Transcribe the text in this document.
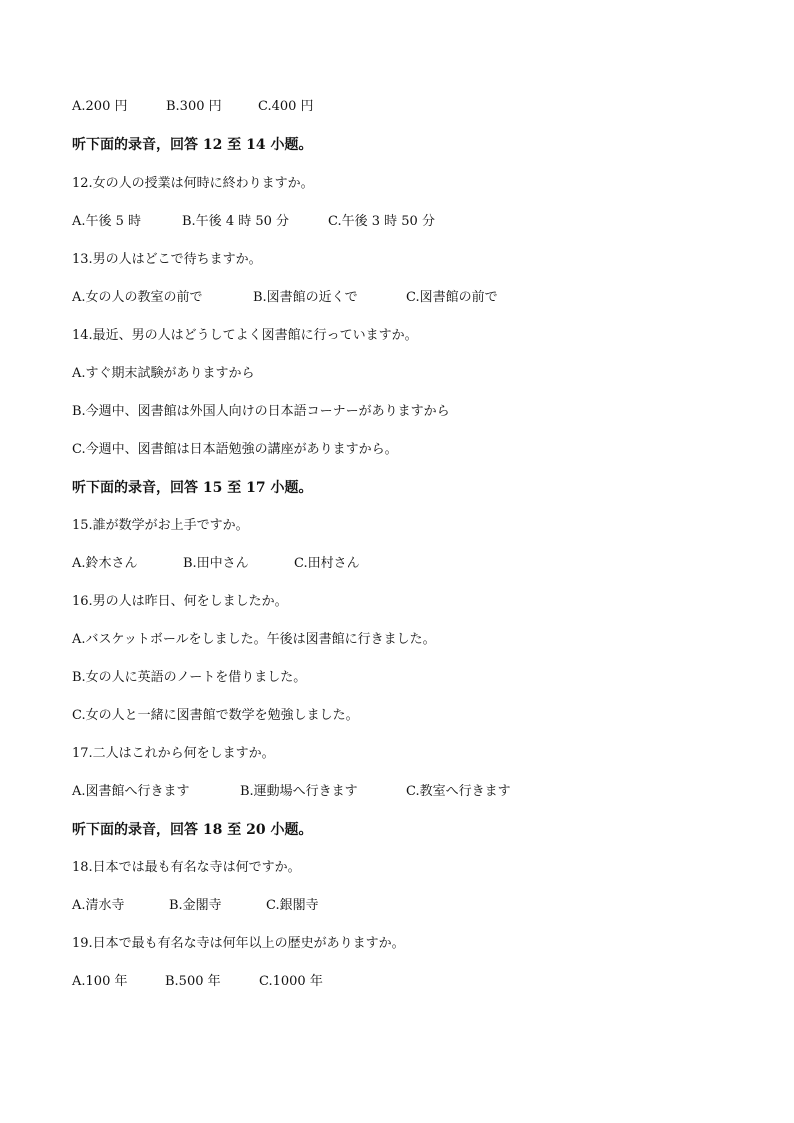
A.200 円	B.300 円	C.400 円
听下面的录音，回答 12 至 14 小题。
12.女の人の授業は何時に終わりますか。
A.午後 5 時	B.午後 4 時 50 分	C.午後 3 時 50 分
13.男の人はどこで待ちますか。
A.女の人の教室の前で	B.図書館の近くで	C.図書館の前で
14.最近、男の人はどうしてよく図書館に行っていますか。
A.すぐ期末試験がありますから
B.今週中、図書館は外国人向けの日本語コーナーがありますから
C.今週中、図書館は日本語勉強の講座がありますから。
听下面的录音，回答 15 至 17 小题。
15.誰が数学がお上手ですか。
A.鈴木さん	B.田中さん	C.田村さん
16.男の人は昨日、何をしましたか。
A.バスケットボールをしました。午後は図書館に行きました。
B.女の人に英語のノートを借りました。
C.女の人と一緒に図書館で数学を勉強しました。
17.二人はこれから何をしますか。
A.図書館へ行きます	B.運動場へ行きます	C.教室へ行きます
听下面的录音，回答 18 至 20 小题。
18.日本では最も有名な寺は何ですか。
A.清水寺	B.金閣寺	C.銀閣寺
19.日本で最も有名な寺は何年以上の歴史がありますか。
A.100 年	B.500 年	C.1000 年
